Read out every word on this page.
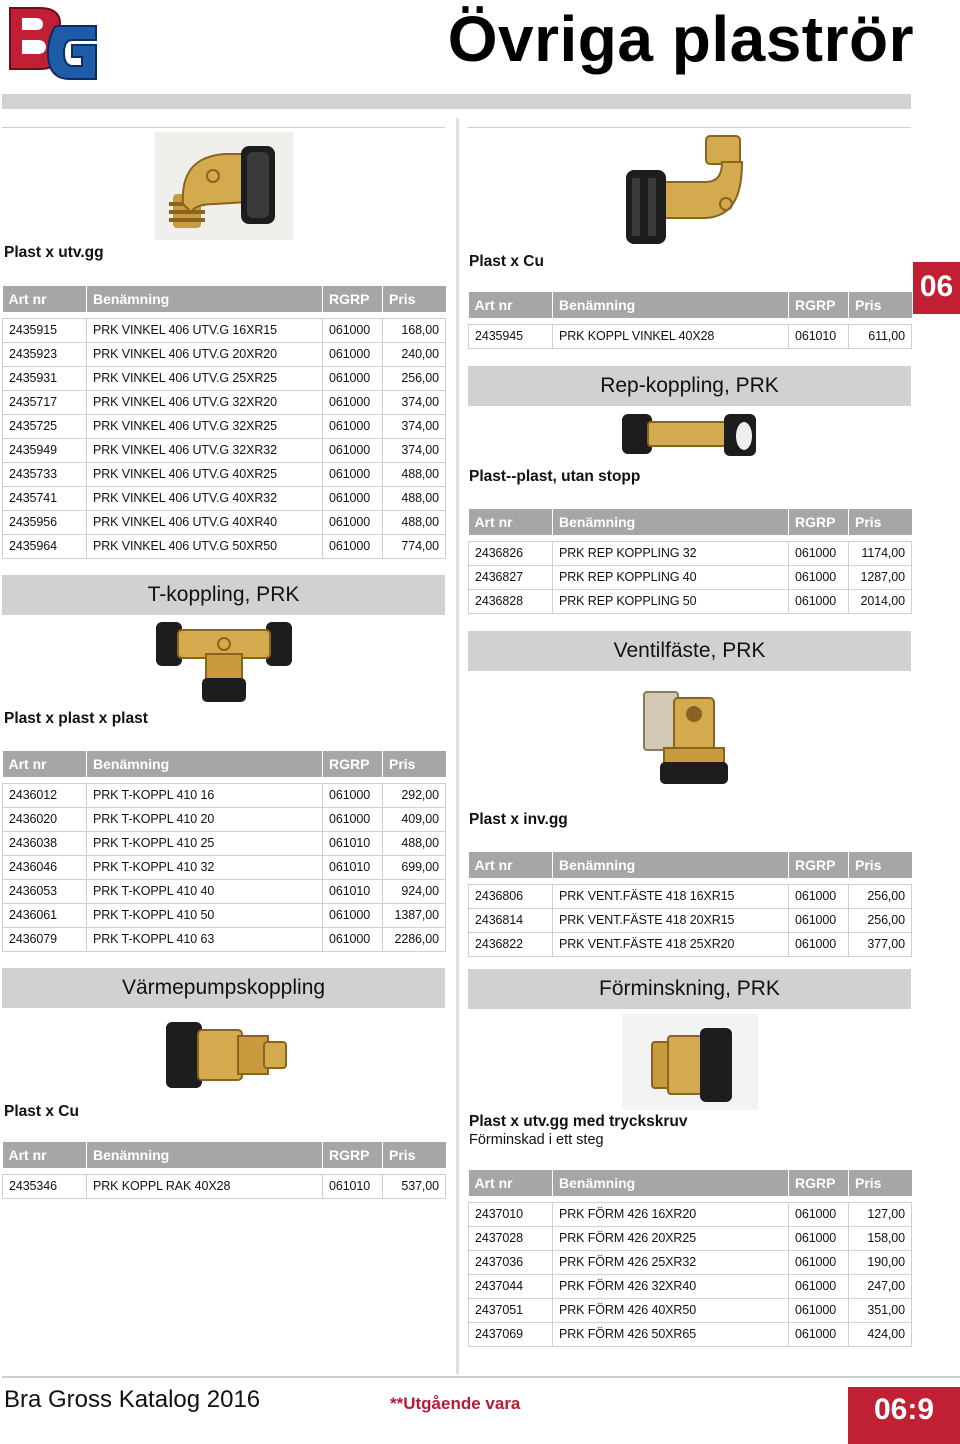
Övriga plaströr
Plast x utv.gg
Art nr	Benämning	RGRP	Pris

2435915	PRK VINKEL 406 UTV.G 16XR15	061000	168,00
2435923	PRK VINKEL 406 UTV.G 20XR20	061000	240,00
2435931	PRK VINKEL 406 UTV.G 25XR25	061000	256,00
2435717	PRK VINKEL 406 UTV.G 32XR20	061000	374,00
2435725	PRK VINKEL 406 UTV.G 32XR25	061000	374,00
2435949	PRK VINKEL 406 UTV.G 32XR32	061000	374,00
2435733	PRK VINKEL 406 UTV.G 40XR25	061000	488,00
2435741	PRK VINKEL 406 UTV.G 40XR32	061000	488,00
2435956	PRK VINKEL 406 UTV.G 40XR40	061000	488,00
2435964	PRK VINKEL 406 UTV.G 50XR50	061000	774,00
T-koppling, PRK
Plast x plast x plast
Art nr	Benämning	RGRP	Pris

2436012	PRK T-KOPPL 410 16	061000	292,00
2436020	PRK T-KOPPL 410 20	061000	409,00
2436038	PRK T-KOPPL 410 25	061010	488,00
2436046	PRK T-KOPPL 410 32	061010	699,00
2436053	PRK T-KOPPL 410 40	061010	924,00
2436061	PRK T-KOPPL 410 50	061000	1387,00
2436079	PRK T-KOPPL 410 63	061000	2286,00
Värmepumpskoppling
Plast x Cu
Art nr	Benämning	RGRP	Pris

2435346	PRK KOPPL RAK 40X28	061010	537,00
Plast x Cu
Art nr	Benämning	RGRP	Pris

2435945	PRK KOPPL VINKEL 40X28	061010	611,00
06
Rep-koppling, PRK
Plast--plast, utan stopp
Art nr	Benämning	RGRP	Pris

2436826	PRK REP KOPPLING 32	061000	1174,00
2436827	PRK REP KOPPLING 40	061000	1287,00
2436828	PRK REP KOPPLING 50	061000	2014,00
Ventilfäste, PRK
Plast x inv.gg
Art nr	Benämning	RGRP	Pris

2436806	PRK VENT.FÄSTE 418 16XR15	061000	256,00
2436814	PRK VENT.FÄSTE 418 20XR15	061000	256,00
2436822	PRK VENT.FÄSTE 418 25XR20	061000	377,00
Förminskning, PRK
Plast x utv.gg med tryckskruv
Förminskad i ett steg
Art nr	Benämning	RGRP	Pris

2437010	PRK FÖRM 426 16XR20	061000	127,00
2437028	PRK FÖRM 426 20XR25	061000	158,00
2437036	PRK FÖRM 426 25XR32	061000	190,00
2437044	PRK FÖRM 426 32XR40	061000	247,00
2437051	PRK FÖRM 426 40XR50	061000	351,00
2437069	PRK FÖRM 426 50XR65	061000	424,00
Bra Gross Katalog 2016	**Utgående vara	06:9
